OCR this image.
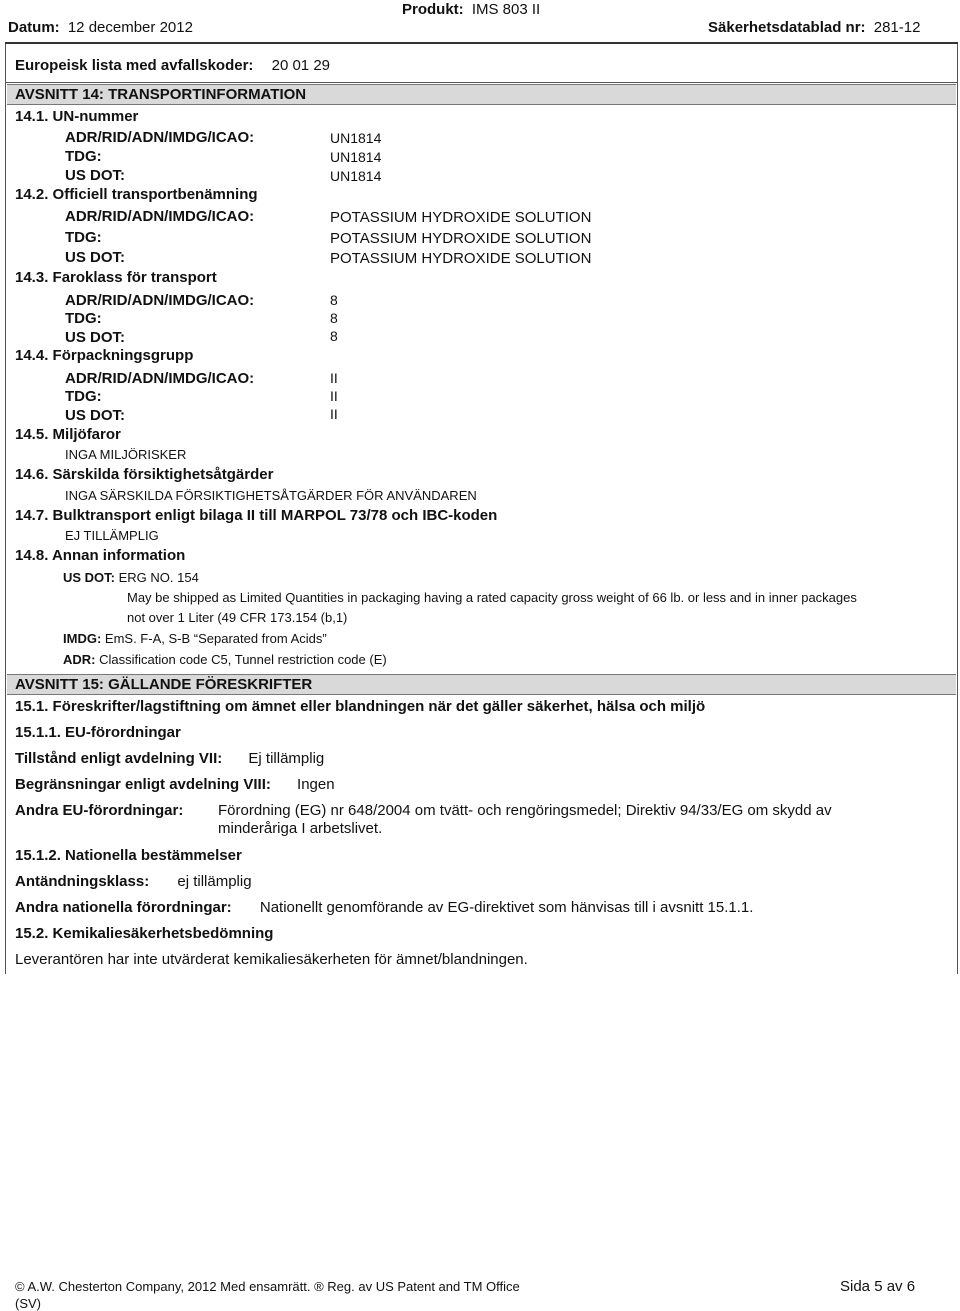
Datum: 12 december 2012
Produkt: IMS 803 II
Säkerhetsdatablad nr: 281-12
Europeisk lista med avfallskoder: 20 01 29
AVSNITT 14: TRANSPORTINFORMATION
14.1. UN-nummer
ADR/RID/ADN/IMDG/ICAO:	UN1814
TDG:	UN1814
US DOT:	UN1814
14.2. Officiell transportbenämning
ADR/RID/ADN/IMDG/ICAO:	POTASSIUM HYDROXIDE SOLUTION
TDG:	POTASSIUM HYDROXIDE SOLUTION
US DOT:	POTASSIUM HYDROXIDE SOLUTION
14.3. Faroklass för transport
ADR/RID/ADN/IMDG/ICAO:	8
TDG:	8
US DOT:	8
14.4. Förpackningsgrupp
ADR/RID/ADN/IMDG/ICAO:	II
TDG:	II
US DOT:	II
14.5. Miljöfaror
INGA MILJÖRISKER
14.6. Särskilda försiktighetsåtgärder
INGA SÄRSKILDA FÖRSIKTIGHETSÅTGÄRDER FÖR ANVÄNDAREN
14.7. Bulktransport enligt bilaga II till MARPOL 73/78 och IBC-koden
EJ TILLÄMPLIG
14.8. Annan information
US DOT: ERG NO. 154
May be shipped as Limited Quantities in packaging having a rated capacity gross weight of 66 lb. or less and in inner packages
not over 1 Liter (49 CFR 173.154 (b,1)
IMDG: EmS. F-A, S-B “Separated from Acids”
ADR: Classification code C5, Tunnel restriction code (E)
AVSNITT 15: GÄLLANDE FÖRESKRIFTER
15.1. Föreskrifter/lagstiftning om ämnet eller blandningen när det gäller säkerhet, hälsa och miljö
15.1.1. EU-förordningar
Tillstånd enligt avdelning VII: Ej tillämplig
Begränsningar enligt avdelning VIII: Ingen
Andra EU-förordningar: Förordning (EG) nr 648/2004 om tvätt- och rengöringsmedel; Direktiv 94/33/EG om skydd av
minderåriga I arbetslivet.
15.1.2. Nationella bestämmelser
Antändningsklass: ej tillämplig
Andra nationella förordningar: Nationellt genomförande av EG-direktivet som hänvisas till i avsnitt 15.1.1.
15.2. Kemikaliesäkerhetsbedömning
Leverantören har inte utvärderat kemikaliesäkerheten för ämnet/blandningen.
© A.W. Chesterton Company, 2012 Med ensamrätt. ® Reg. av US Patent and TM Office
(SV)
Sida 5 av 6
